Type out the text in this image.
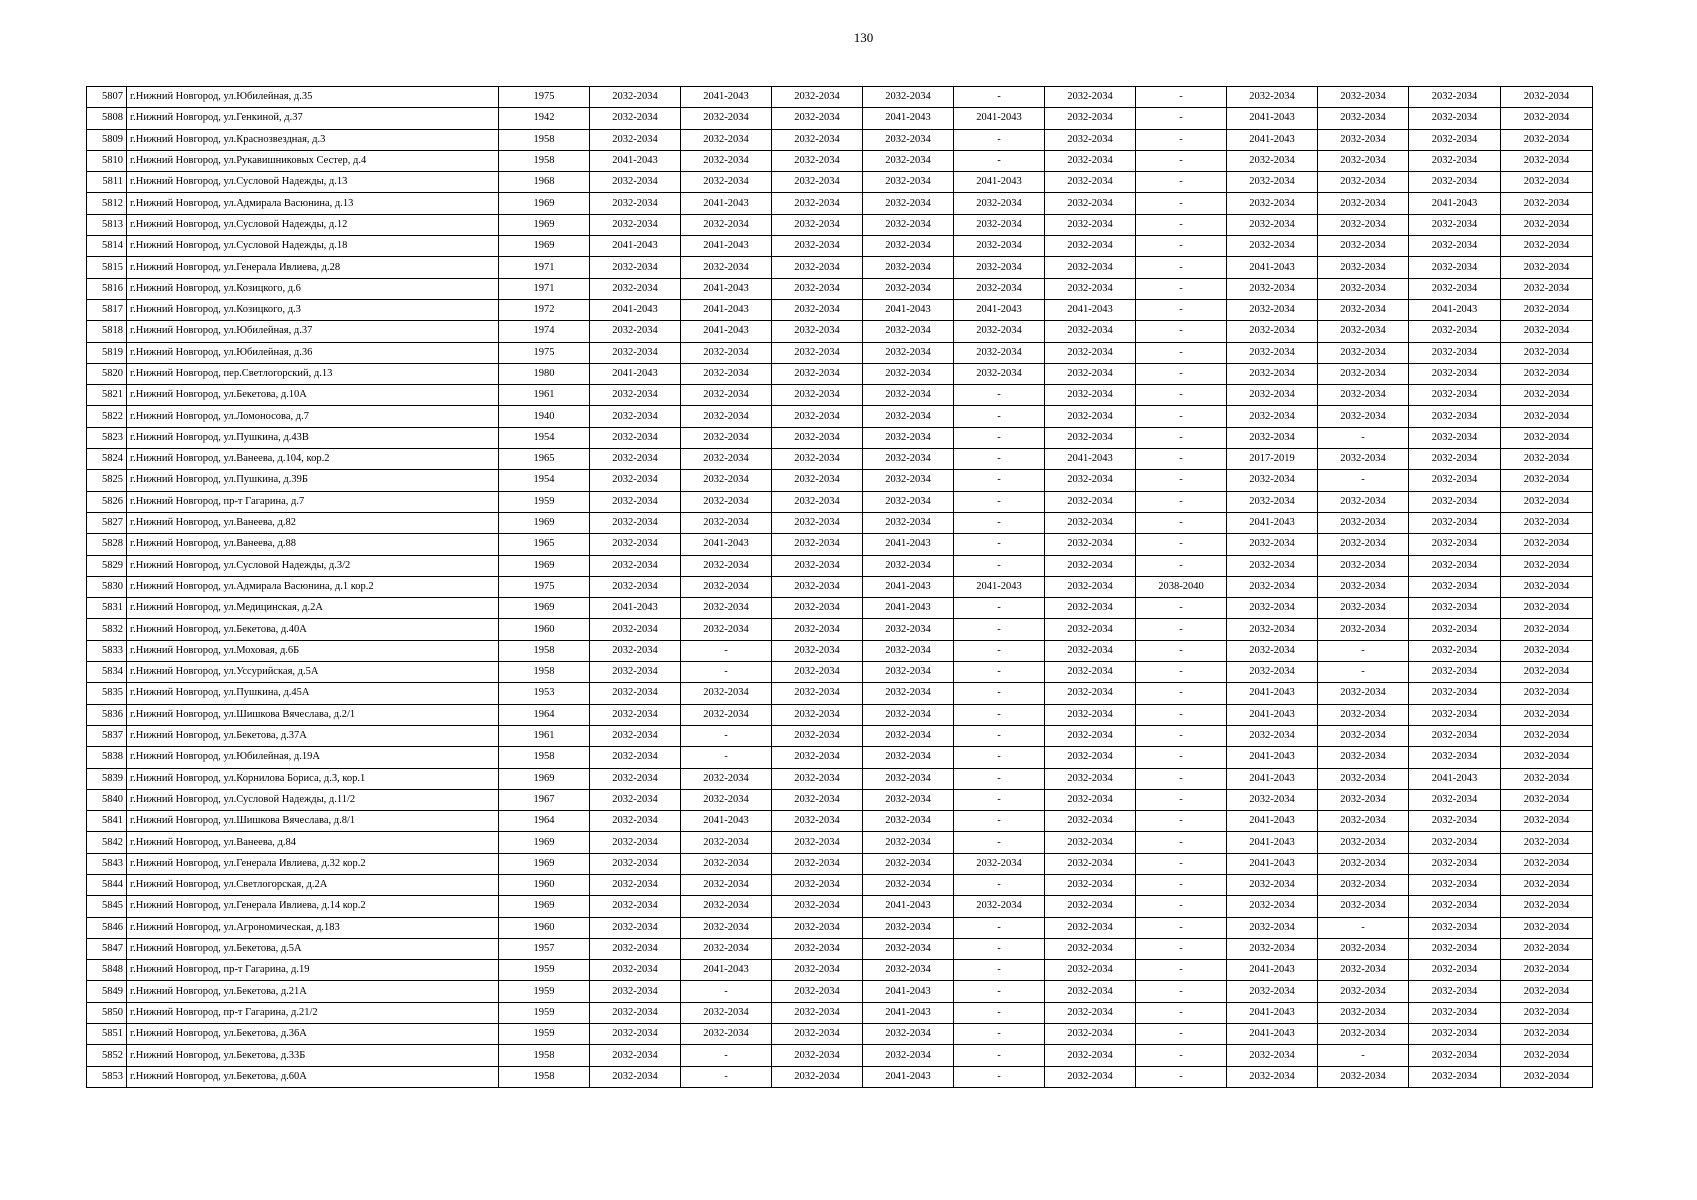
130
5807	г.Нижний Новгород, ул.Юбилейная, д.35	1975	2032-2034	2041-2043	2032-2034	2032-2034	-	2032-2034	-	2032-2034	2032-2034	2032-2034	2032-2034
5808	г.Нижний Новгород, ул.Генкиной, д.37	1942	2032-2034	2032-2034	2032-2034	2041-2043	2041-2043	2032-2034	-	2041-2043	2032-2034	2032-2034	2032-2034
5809	г.Нижний Новгород, ул.Краснозвездная, д.3	1958	2032-2034	2032-2034	2032-2034	2032-2034	-	2032-2034	-	2041-2043	2032-2034	2032-2034	2032-2034
5810	г.Нижний Новгород, ул.Рукавишниковых Сестер, д.4	1958	2041-2043	2032-2034	2032-2034	2032-2034	-	2032-2034	-	2032-2034	2032-2034	2032-2034	2032-2034
5811	г.Нижний Новгород, ул.Сусловой Надежды, д.13	1968	2032-2034	2032-2034	2032-2034	2032-2034	2041-2043	2032-2034	-	2032-2034	2032-2034	2032-2034	2032-2034
5812	г.Нижний Новгород, ул.Адмирала Васюнина, д.13	1969	2032-2034	2041-2043	2032-2034	2032-2034	2032-2034	2032-2034	-	2032-2034	2032-2034	2041-2043	2032-2034
5813	г.Нижний Новгород, ул.Сусловой Надежды, д.12	1969	2032-2034	2032-2034	2032-2034	2032-2034	2032-2034	2032-2034	-	2032-2034	2032-2034	2032-2034	2032-2034
5814	г.Нижний Новгород, ул.Сусловой Надежды, д.18	1969	2041-2043	2041-2043	2032-2034	2032-2034	2032-2034	2032-2034	-	2032-2034	2032-2034	2032-2034	2032-2034
5815	г.Нижний Новгород, ул.Генерала Ивлиева, д.28	1971	2032-2034	2032-2034	2032-2034	2032-2034	2032-2034	2032-2034	-	2041-2043	2032-2034	2032-2034	2032-2034
5816	г.Нижний Новгород, ул.Козицкого, д.6	1971	2032-2034	2041-2043	2032-2034	2032-2034	2032-2034	2032-2034	-	2032-2034	2032-2034	2032-2034	2032-2034
5817	г.Нижний Новгород, ул.Козицкого, д.3	1972	2041-2043	2041-2043	2032-2034	2041-2043	2041-2043	2041-2043	-	2032-2034	2032-2034	2041-2043	2032-2034
5818	г.Нижний Новгород, ул.Юбилейная, д.37	1974	2032-2034	2041-2043	2032-2034	2032-2034	2032-2034	2032-2034	-	2032-2034	2032-2034	2032-2034	2032-2034
5819	г.Нижний Новгород, ул.Юбилейная, д.36	1975	2032-2034	2032-2034	2032-2034	2032-2034	2032-2034	2032-2034	-	2032-2034	2032-2034	2032-2034	2032-2034
5820	г.Нижний Новгород, пер.Светлогорский, д.13	1980	2041-2043	2032-2034	2032-2034	2032-2034	2032-2034	2032-2034	-	2032-2034	2032-2034	2032-2034	2032-2034
5821	г.Нижний Новгород, ул.Бекетова, д.10А	1961	2032-2034	2032-2034	2032-2034	2032-2034	-	2032-2034	-	2032-2034	2032-2034	2032-2034	2032-2034
5822	г.Нижний Новгород, ул.Ломоносова, д.7	1940	2032-2034	2032-2034	2032-2034	2032-2034	-	2032-2034	-	2032-2034	2032-2034	2032-2034	2032-2034
5823	г.Нижний Новгород, ул.Пушкина, д.43В	1954	2032-2034	2032-2034	2032-2034	2032-2034	-	2032-2034	-	2032-2034	-	2032-2034	2032-2034
5824	г.Нижний Новгород, ул.Ванеева, д.104, кор.2	1965	2032-2034	2032-2034	2032-2034	2032-2034	-	2041-2043	-	2017-2019	2032-2034	2032-2034	2032-2034
5825	г.Нижний Новгород, ул.Пушкина, д.39Б	1954	2032-2034	2032-2034	2032-2034	2032-2034	-	2032-2034	-	2032-2034	-	2032-2034	2032-2034
5826	г.Нижний Новгород, пр-т Гагарина, д.7	1959	2032-2034	2032-2034	2032-2034	2032-2034	-	2032-2034	-	2032-2034	2032-2034	2032-2034	2032-2034
5827	г.Нижний Новгород, ул.Ванеева, д.82	1969	2032-2034	2032-2034	2032-2034	2032-2034	-	2032-2034	-	2041-2043	2032-2034	2032-2034	2032-2034
5828	г.Нижний Новгород, ул.Ванеева, д.88	1965	2032-2034	2041-2043	2032-2034	2041-2043	-	2032-2034	-	2032-2034	2032-2034	2032-2034	2032-2034
5829	г.Нижний Новгород, ул.Сусловой Надежды, д.3/2	1969	2032-2034	2032-2034	2032-2034	2032-2034	-	2032-2034	-	2032-2034	2032-2034	2032-2034	2032-2034
5830	г.Нижний Новгород, ул.Адмирала Васюнина, д.1 кор.2	1975	2032-2034	2032-2034	2032-2034	2041-2043	2041-2043	2032-2034	2038-2040	2032-2034	2032-2034	2032-2034	2032-2034
5831	г.Нижний Новгород, ул.Медицинская, д.2А	1969	2041-2043	2032-2034	2032-2034	2041-2043	-	2032-2034	-	2032-2034	2032-2034	2032-2034	2032-2034
5832	г.Нижний Новгород, ул.Бекетова, д.40А	1960	2032-2034	2032-2034	2032-2034	2032-2034	-	2032-2034	-	2032-2034	2032-2034	2032-2034	2032-2034
5833	г.Нижний Новгород, ул.Моховая, д.6Б	1958	2032-2034	-	2032-2034	2032-2034	-	2032-2034	-	2032-2034	-	2032-2034	2032-2034
5834	г.Нижний Новгород, ул.Уссурийская, д.5А	1958	2032-2034	-	2032-2034	2032-2034	-	2032-2034	-	2032-2034	-	2032-2034	2032-2034
5835	г.Нижний Новгород, ул.Пушкина, д.45А	1953	2032-2034	2032-2034	2032-2034	2032-2034	-	2032-2034	-	2041-2043	2032-2034	2032-2034	2032-2034
5836	г.Нижний Новгород, ул.Шишкова Вячеслава, д.2/1	1964	2032-2034	2032-2034	2032-2034	2032-2034	-	2032-2034	-	2041-2043	2032-2034	2032-2034	2032-2034
5837	г.Нижний Новгород, ул.Бекетова, д.37А	1961	2032-2034	-	2032-2034	2032-2034	-	2032-2034	-	2032-2034	2032-2034	2032-2034	2032-2034
5838	г.Нижний Новгород, ул.Юбилейная, д.19А	1958	2032-2034	-	2032-2034	2032-2034	-	2032-2034	-	2041-2043	2032-2034	2032-2034	2032-2034
5839	г.Нижний Новгород, ул.Корнилова Бориса, д.3, кор.1	1969	2032-2034	2032-2034	2032-2034	2032-2034	-	2032-2034	-	2041-2043	2032-2034	2041-2043	2032-2034
5840	г.Нижний Новгород, ул.Сусловой Надежды, д.11/2	1967	2032-2034	2032-2034	2032-2034	2032-2034	-	2032-2034	-	2032-2034	2032-2034	2032-2034	2032-2034
5841	г.Нижний Новгород, ул.Шишкова Вячеслава, д.8/1	1964	2032-2034	2041-2043	2032-2034	2032-2034	-	2032-2034	-	2041-2043	2032-2034	2032-2034	2032-2034
5842	г.Нижний Новгород, ул.Ванеева, д.84	1969	2032-2034	2032-2034	2032-2034	2032-2034	-	2032-2034	-	2041-2043	2032-2034	2032-2034	2032-2034
5843	г.Нижний Новгород, ул.Генерала Ивлиева, д.32 кор.2	1969	2032-2034	2032-2034	2032-2034	2032-2034	2032-2034	2032-2034	-	2041-2043	2032-2034	2032-2034	2032-2034
5844	г.Нижний Новгород, ул.Светлогорская, д.2А	1960	2032-2034	2032-2034	2032-2034	2032-2034	-	2032-2034	-	2032-2034	2032-2034	2032-2034	2032-2034
5845	г.Нижний Новгород, ул.Генерала Ивлиева, д.14 кор.2	1969	2032-2034	2032-2034	2032-2034	2041-2043	2032-2034	2032-2034	-	2032-2034	2032-2034	2032-2034	2032-2034
5846	г.Нижний Новгород, ул.Агрономическая, д.183	1960	2032-2034	2032-2034	2032-2034	2032-2034	-	2032-2034	-	2032-2034	-	2032-2034	2032-2034
5847	г.Нижний Новгород, ул.Бекетова, д.5А	1957	2032-2034	2032-2034	2032-2034	2032-2034	-	2032-2034	-	2032-2034	2032-2034	2032-2034	2032-2034
5848	г.Нижний Новгород, пр-т Гагарина, д.19	1959	2032-2034	2041-2043	2032-2034	2032-2034	-	2032-2034	-	2041-2043	2032-2034	2032-2034	2032-2034
5849	г.Нижний Новгород, ул.Бекетова, д.21А	1959	2032-2034	-	2032-2034	2041-2043	-	2032-2034	-	2032-2034	2032-2034	2032-2034	2032-2034
5850	г.Нижний Новгород, пр-т Гагарина, д.21/2	1959	2032-2034	2032-2034	2032-2034	2041-2043	-	2032-2034	-	2041-2043	2032-2034	2032-2034	2032-2034
5851	г.Нижний Новгород, ул.Бекетова, д.36А	1959	2032-2034	2032-2034	2032-2034	2032-2034	-	2032-2034	-	2041-2043	2032-2034	2032-2034	2032-2034
5852	г.Нижний Новгород, ул.Бекетова, д.33Б	1958	2032-2034	-	2032-2034	2032-2034	-	2032-2034	-	2032-2034	-	2032-2034	2032-2034
5853	г.Нижний Новгород, ул.Бекетова, д.60А	1958	2032-2034	-	2032-2034	2041-2043	-	2032-2034	-	2032-2034	2032-2034	2032-2034	2032-2034
